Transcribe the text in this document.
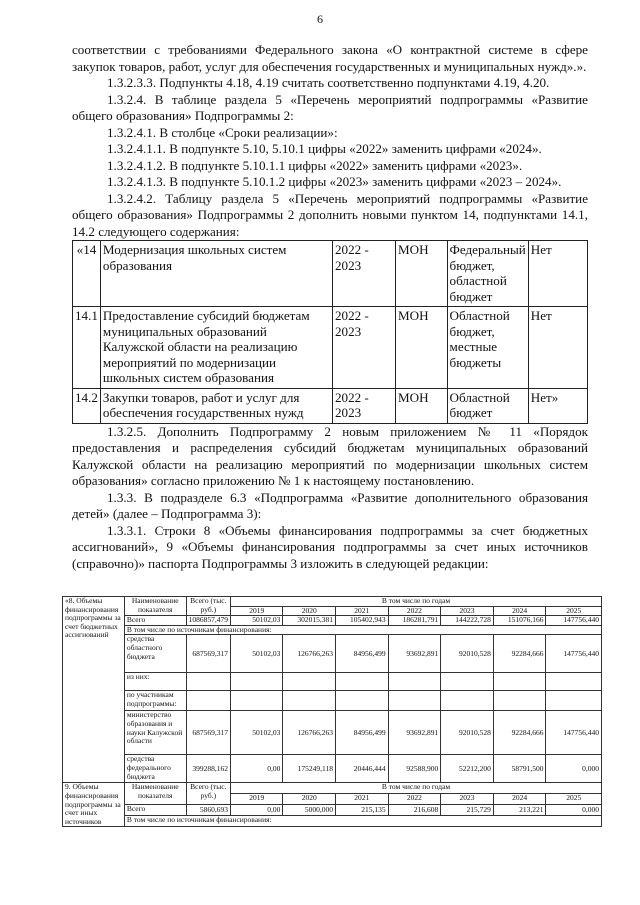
6

соответствии с требованиями Федерального закона «О контрактной системе в сфере закупок товаров, работ, услуг для обеспечения государственных и муниципальных нужд».».

1.3.2.3.3. Подпункты 4.18, 4.19 считать соответственно подпунктами 4.19, 4.20.

1.3.2.4. В таблице раздела 5 «Перечень мероприятий подпрограммы «Развитие общего образования» Подпрограммы 2:

1.3.2.4.1. В столбце «Сроки реализации»:

1.3.2.4.1.1. В подпункте 5.10, 5.10.1 цифры «2022» заменить цифрами «2024».

1.3.2.4.1.2. В подпункте 5.10.1.1 цифры «2022» заменить цифрами «2023».

1.3.2.4.1.3. В подпункте 5.10.1.2 цифры «2023» заменить цифрами «2023 – 2024».

1.3.2.4.2. Таблицу раздела 5 «Перечень мероприятий подпрограммы «Развитие общего образования» Подпрограммы 2 дополнить новыми пунктом 14, подпунктами 14.1, 14.2 следующего содержания:

«14	Модернизация школьных систем образования	2022 - 2023	МОН	Федеральный бюджет, областной бюджет	Нет
14.1	Предоставление субсидий бюджетам муниципальных образований Калужской области на реализацию мероприятий по модернизации школьных систем образования	2022 - 2023	МОН	Областной бюджет, местные бюджеты	Нет
14.2	Закупки товаров, работ и услуг для обеспечения государственных нужд	2022 - 2023	МОН	Областной бюджет	Нет»

1.3.2.5. Дополнить Подпрограмму 2 новым приложением № 11 «Порядок предоставления и распределения субсидий бюджетам муниципальных образований Калужской области на реализацию мероприятий по модернизации школьных систем образования» согласно приложению № 1 к настоящему постановлению.

1.3.3. В подразделе 6.3 «Подпрограмма «Развитие дополнительного образования детей» (далее – Подпрограмма 3):

1.3.3.1. Строки 8 «Объемы финансирования подпрограммы за счет бюджетных ассигнований», 9 «Объемы финансирования подпрограммы за счет иных источников (справочно)» паспорта Подпрограммы 3 изложить в следующей редакции:

«8. Объемы финансирования подпрограммы за счет бюджетных ассигнований	Наименование показателя	Всего (тыс. руб.)	В том числе по годам						
			2019	2020	2021	2022	2023	2024	2025
	Всего	1086857,479	50102,03	302015,381	105402,943	186281,791	144222,728	151076,166	147756,440
	В том числе по источникам финансирования:								
	средства областного бюджета	687569,317	50102,03	126766,263	84956,499	93692,891	92010,528	92284,666	147756,440
	из них:								
	по участникам подпрограммы:								
	министерство образования и науки Калужской области	687569,317	50102,03	126766,263	84956,499	93692,891	92010,528	92284,666	147756,440
	средства федерального бюджета	399288,162	0,00	175249,118	20446,444	92588,900	52212,200	58791,500	0,000
9. Объемы финансирования подпрограммы за счет иных источников	Наименование показателя	Всего (тыс. руб.)	В том числе по годам						
			2019	2020	2021	2022	2023	2024	2025
	Всего	5860,693	0,00	5000,000	215,135	216,608	215,729	213,221	0,000
	В том числе по источникам финансирования:								
